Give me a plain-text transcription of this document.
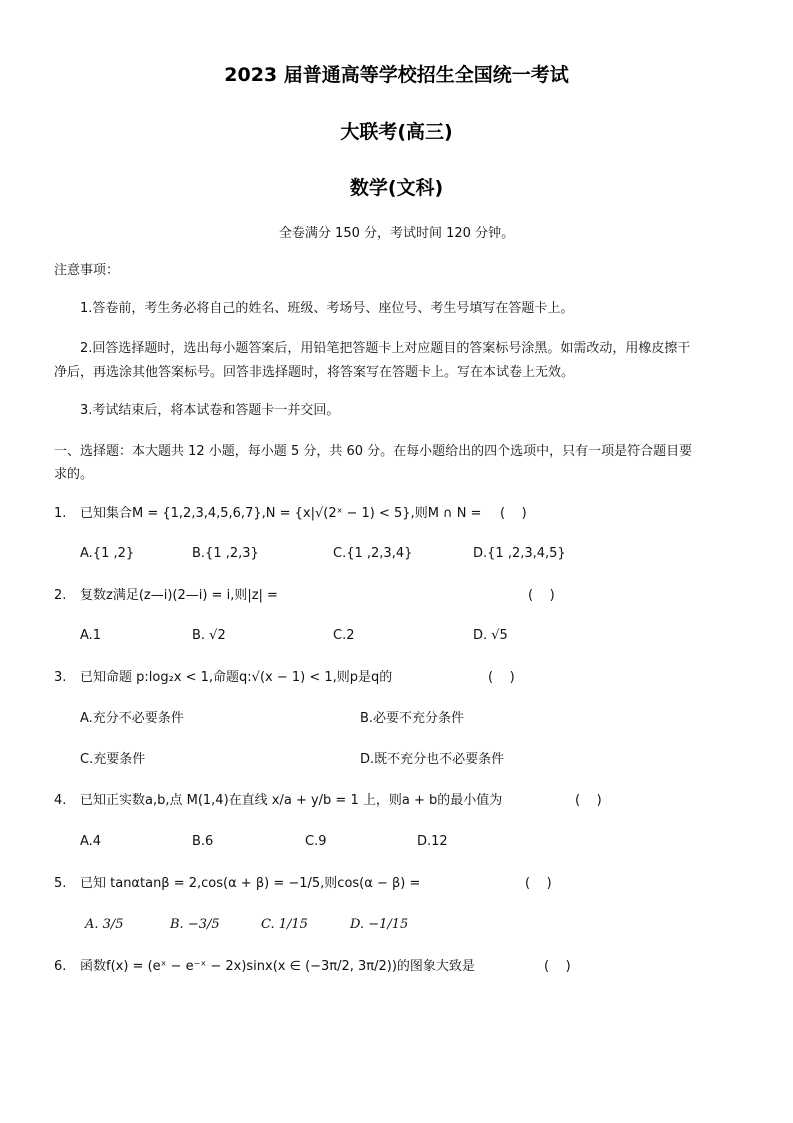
2023 届普通高等学校招生全国统一考试
大联考(高三)
数学(文科)
全卷满分 150 分，考试时间 120 分钟。
注意事项：
1.答卷前，考生务必将自己的姓名、班级、考场号、座位号、考生号填写在答题卡上。
2.回答选择题时，选出每小题答案后，用铅笔把答题卡上对应题目的答案标号涂黑。如需改动，用橡皮擦干
净后，再选涂其他答案标号。回答非选择题时，将答案写在答题卡上。写在本试卷上无效。
3.考试结束后，将本试卷和答题卡一并交回。
一、选择题：本大题共 12 小题，每小题 5 分，共 60 分。在每小题给出的四个选项中，只有一项是符合题目要
求的。
1. 已知集合M = {1,2,3,4,5,6,7},N = {x|√(2ˣ − 1) < 5},则M ∩ N = (    )
A.{1 ,2}	B.{1 ,2,3}	C.{1 ,2,3,4}	D.{1 ,2,3,4,5}
2. 复数z满足(z—i)(2—i) = i,则|z| =	(    )
A.1	B. √2	C.2	D. √5
3. 已知命题 p:log₂x < 1,命题q:√(x − 1) < 1,则p是q的	(    )
A.充分不必要条件	B.必要不充分条件
C.充要条件	D.既不充分也不必要条件
4. 已知正实数a,b,点 M(1,4)在直线 x/a + y/b = 1 上，则a + b的最小值为	(    )
A.4	B.6	C.9	D.12
5. 已知 tanαtanβ = 2,cos(α + β) = −1/5,则cos(α − β) =	(    )
A. 3/5	B. −3/5	C. 1/15	D. −1/15
6. 函数f(x) = (eˣ − e⁻ˣ − 2x)sinx(x ∈ (−3π/2, 3π/2))的图象大致是	(    )
